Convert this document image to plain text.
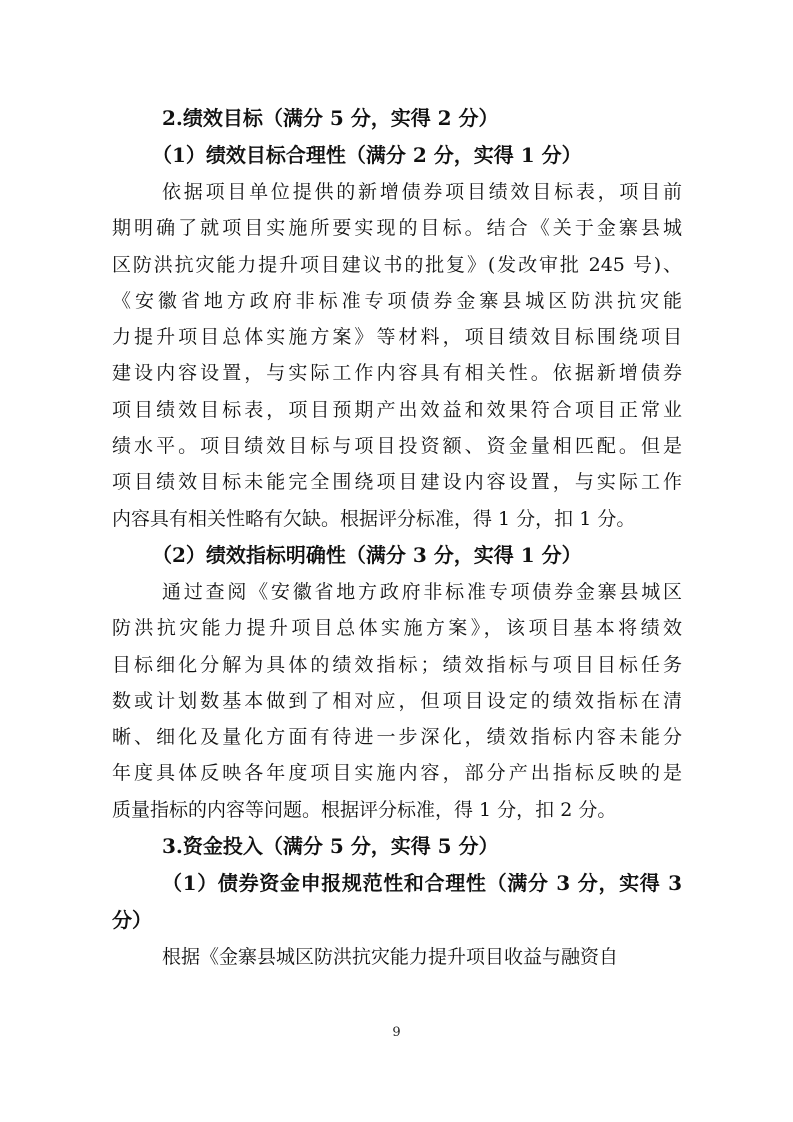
2.绩效目标（满分 5 分，实得 2 分）
（1）绩效目标合理性（满分 2 分，实得 1 分）
依据项目单位提供的新增债券项目绩效目标表，项目前
期明确了就项目实施所要实现的目标。结合《关于金寨县城
区防洪抗灾能力提升项目建议书的批复》(发改审批 245 号)、
《安徽省地方政府非标准专项债券金寨县城区防洪抗灾能
力提升项目总体实施方案》等材料，项目绩效目标围绕项目
建设内容设置，与实际工作内容具有相关性。依据新增债券
项目绩效目标表，项目预期产出效益和效果符合项目正常业
绩水平。项目绩效目标与项目投资额、资金量相匹配。但是
项目绩效目标未能完全围绕项目建设内容设置，与实际工作
内容具有相关性略有欠缺。根据评分标准，得 1 分，扣 1 分。
（2）绩效指标明确性（满分 3 分，实得 1 分）
通过查阅《安徽省地方政府非标准专项债券金寨县城区
防洪抗灾能力提升项目总体实施方案》，该项目基本将绩效
目标细化分解为具体的绩效指标；绩效指标与项目目标任务
数或计划数基本做到了相对应，但项目设定的绩效指标在清
晰、细化及量化方面有待进一步深化，绩效指标内容未能分
年度具体反映各年度项目实施内容，部分产出指标反映的是
质量指标的内容等问题。根据评分标准，得 1 分，扣 2 分。
3.资金投入（满分 5 分，实得 5 分）
（1）债券资金申报规范性和合理性（满分 3 分，实得 3
分）
根据《金寨县城区防洪抗灾能力提升项目收益与融资自
9
